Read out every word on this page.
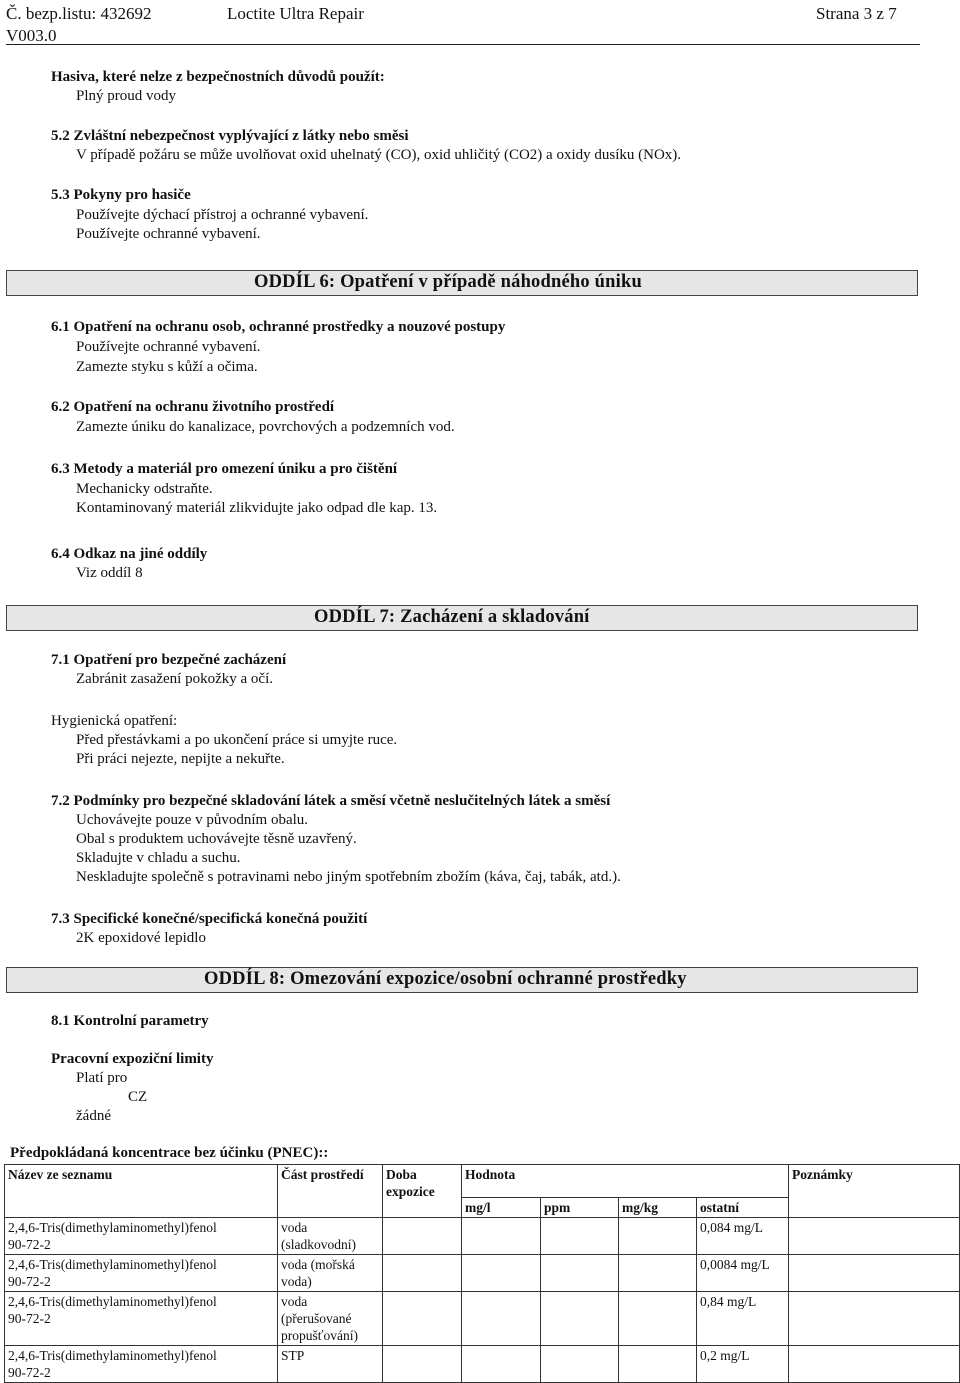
Č. bezp.listu: 432692	Loctite Ultra Repair	Strana 3 z 7
V003.0
Hasiva, které nelze z bezpečnostních důvodů použít:
Plný proud vody
5.2 Zvláštní nebezpečnost vyplývající z látky nebo směsi
V případě požáru se může uvolňovat oxid uhelnatý (CO), oxid uhličitý (CO2) a oxidy dusíku (NOx).
5.3 Pokyny pro hasiče
Používejte dýchací přístroj a ochranné vybavení.
Používejte ochranné vybavení.
ODDÍL 6: Opatření v případě náhodného úniku
6.1 Opatření na ochranu osob, ochranné prostředky a nouzové postupy
Používejte ochranné vybavení.
Zamezte styku s kůží a očima.
6.2 Opatření na ochranu životního prostředí
Zamezte úniku do kanalizace, povrchových a podzemních vod.
6.3 Metody a materiál pro omezení úniku a pro čištění
Mechanicky odstraňte.
Kontaminovaný materiál zlikvidujte jako odpad dle kap. 13.
6.4 Odkaz na jiné oddíly
Viz oddíl 8
ODDÍL 7: Zacházení a skladování
7.1 Opatření pro bezpečné zacházení
Zabránit zasažení pokožky a očí.
Hygienická opatření:
Před přestávkami a po ukončení práce si umyjte ruce.
Při práci nejezte, nepijte a nekuřte.
7.2 Podmínky pro bezpečné skladování látek a směsí včetně neslučitelných látek a směsí
Uchovávejte pouze v původním obalu.
Obal s produktem uchovávejte těsně uzavřený.
Skladujte v chladu a suchu.
Neskladujte společně s potravinami nebo jiným spotřebním zbožím (káva, čaj, tabák, atd.).
7.3 Specifické konečné/specifická konečná použití
2K epoxidové lepidlo
ODDÍL 8: Omezování expozice/osobní ochranné prostředky
8.1 Kontrolní parametry
Pracovní expoziční limity
Platí pro
CZ
žádné
Předpokládaná koncentrace bez účinku (PNEC)::
Název ze seznamu	Část prostředí	Doba expozice	Hodnota				Poznámky
			mg/l	ppm	mg/kg	ostatní	

2,4,6-Tris(dimethylaminomethyl)fenol
90-72-2	voda (sladkovodní)					0,084 mg/L	

2,4,6-Tris(dimethylaminomethyl)fenol
90-72-2	voda (mořská voda)					0,0084 mg/L	

2,4,6-Tris(dimethylaminomethyl)fenol
90-72-2	voda (přerušované propušťování)					0,84 mg/L	

2,4,6-Tris(dimethylaminomethyl)fenol
90-72-2	STP					0,2 mg/L	
